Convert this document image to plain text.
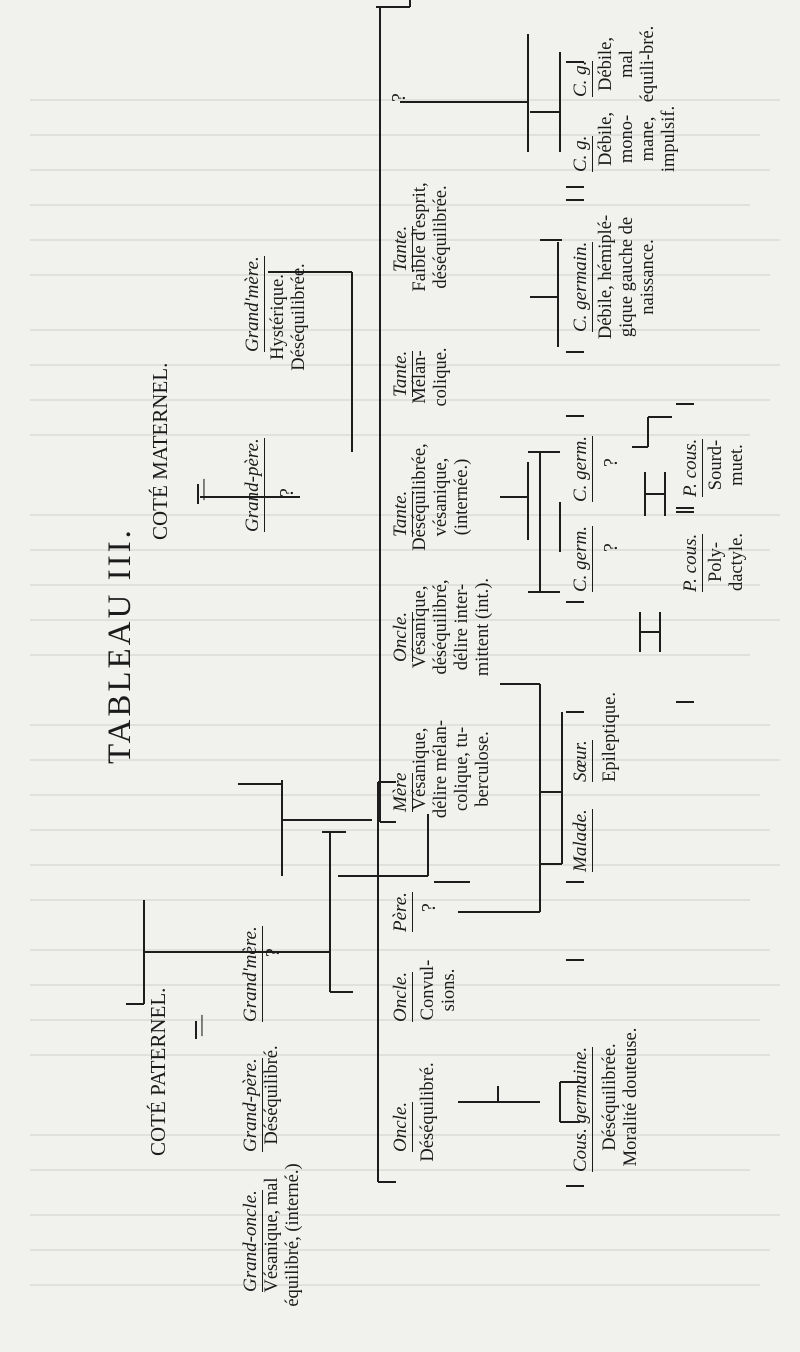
TABLEAU III.
COTÉ PATERNEL.
COTÉ MATERNEL.
—
—
Grand-oncle. Vésanique, mal équilibré, (interné.)
Grand-père. Déséquilibré.
Grand'mère. ?
Oncle. Déséquilibré.
Oncle. Convul-sions.
Père. ?
Grand-père. ?
Grand'mère. Hystérique. Déséquilibrée.
Mère Vésanique, délire mélan-colique, tu-berculose.
Oncle. Vésanique, déséquilibré, délire inter-mittent (int.).
Tante. Déséquilibrée, vésanique, (internée.)
Tante. Mélan-colique.
Tante. Faible d'esprit, déséquilibrée.
?
Cous. germaine. Déséquilibrée. Moralité douteuse.
Malade.
Sœur. Epileptique.
C. germ. ?
C. germ. ?
C. germain. Débile, hémiplé-gique gauche de naissance.
C. g. Débile, mono-mane, impulsif.
C. g. Débile, mal équili-bré.
P. cous. Poly-dactyle.
P. cous. Sourd-muet.
